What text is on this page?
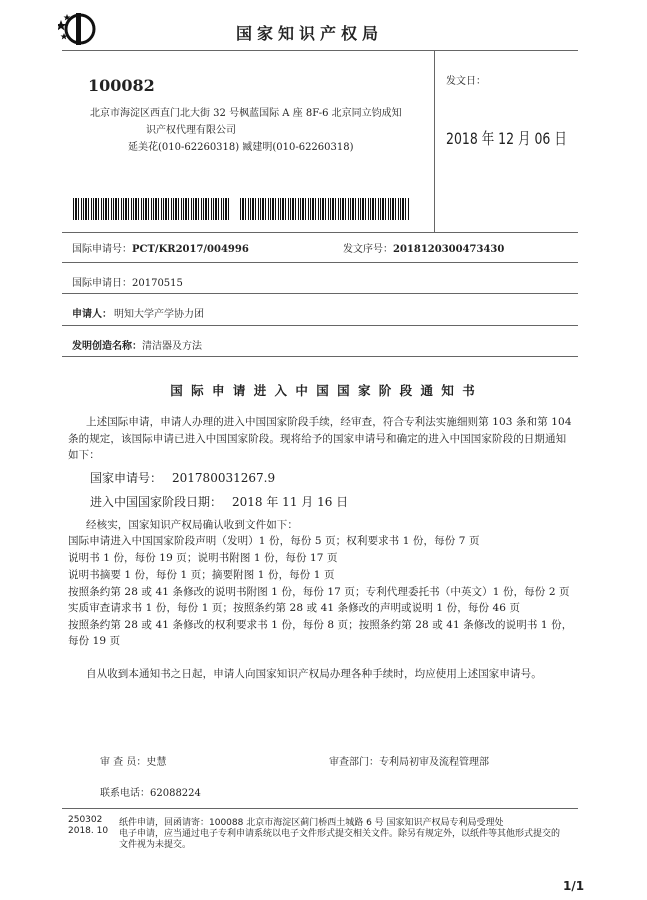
国家知识产权局
100082
北京市海淀区西直门北大街 32 号枫蓝国际 A 座 8F-6 北京同立钧成知
识产权代理有限公司
延美花(010-62260318) 臧建明(010-62260318)
发文日：
2018 年 12 月 06 日
国际申请号：PCT/KR2017/004996	发文序号：2018120300473430
国际申请日：20170515
申请人： 明知大学产学协力团
发明创造名称：清洁器及方法
国 际 申 请 进 入 中 国 国 家 阶 段 通 知 书
上述国际申请，申请人办理的进入中国国家阶段手续，经审查，符合专利法实施细则第 103 条和第 104
条的规定，该国际申请已进入中国国家阶段。现将给予的国家申请号和确定的进入中国国家阶段的日期通知
如下：
国家申请号： 201780031267.9
进入中国国家阶段日期： 2018 年 11 月 16 日
经核实，国家知识产权局确认收到文件如下：
国际申请进入中国国家阶段声明（发明）1 份，每份 5 页；权利要求书 1 份，每份 7 页
说明书 1 份，每份 19 页；说明书附图 1 份，每份 17 页
说明书摘要 1 份，每份 1 页；摘要附图 1 份，每份 1 页
按照条约第 28 或 41 条修改的说明书附图 1 份，每份 17 页；专利代理委托书（中英文）1 份，每份 2 页
实质审查请求书 1 份，每份 1 页；按照条约第 28 或 41 条修改的声明或说明 1 份，每份 46 页
按照条约第 28 或 41 条修改的权利要求书 1 份，每份 8 页；按照条约第 28 或 41 条修改的说明书 1 份，
每份 19 页
自从收到本通知书之日起，申请人向国家知识产权局办理各种手续时，均应使用上述国家申请号。
审 查 员：史慧	审查部门：专利局初审及流程管理部
联系电话：62088224
250302
2018. 10
纸件申请，回函请寄：100088 北京市海淀区蓟门桥西土城路 6 号 国家知识产权局专利局受理处
电子申请，应当通过电子专利申请系统以电子文件形式提交相关文件。除另有规定外，以纸件等其他形式提交的
文件视为未提交。
1/1
